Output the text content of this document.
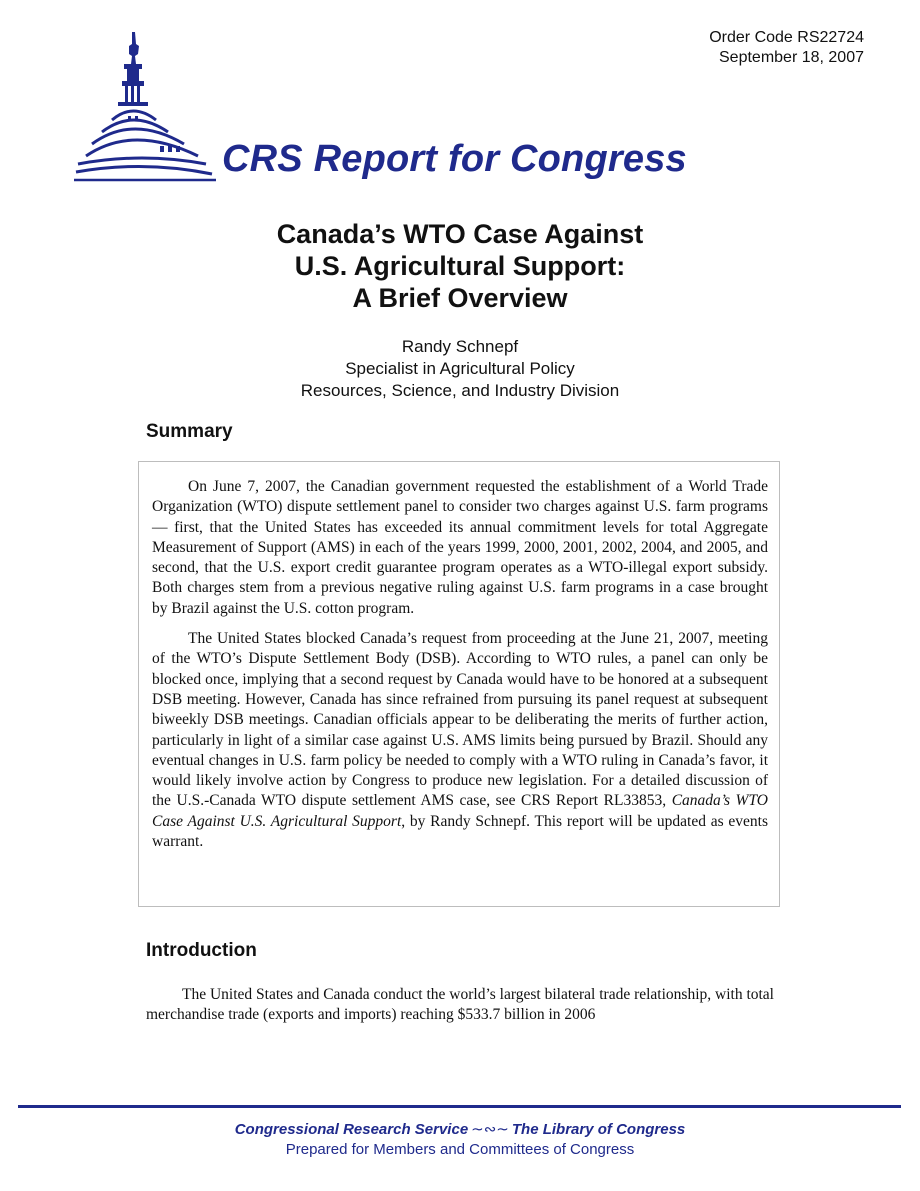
Order Code RS22724
September 18, 2007
CRS Report for Congress
Canada’s WTO Case Against
U.S. Agricultural Support:
A Brief Overview
Randy Schnepf
Specialist in Agricultural Policy
Resources, Science, and Industry Division
Summary

On June 7, 2007, the Canadian government requested the establishment of a World Trade Organization (WTO) dispute settlement panel to consider two charges against U.S. farm programs — first, that the United States has exceeded its annual commitment levels for total Aggregate Measurement of Support (AMS) in each of the years 1999, 2000, 2001, 2002, 2004, and 2005, and second, that the U.S. export credit guarantee program operates as a WTO-illegal export subsidy. Both charges stem from a previous negative ruling against U.S. farm programs in a case brought by Brazil against the U.S. cotton program.

The United States blocked Canada’s request from proceeding at the June 21, 2007, meeting of the WTO’s Dispute Settlement Body (DSB). According to WTO rules, a panel can only be blocked once, implying that a second request by Canada would have to be honored at a subsequent DSB meeting. However, Canada has since refrained from pursuing its panel request at subsequent biweekly DSB meetings. Canadian officials appear to be deliberating the merits of further action, particularly in light of a similar case against U.S. AMS limits being pursued by Brazil. Should any eventual changes in U.S. farm policy be needed to comply with a WTO ruling in Canada’s favor, it would likely involve action by Congress to produce new legislation. For a detailed discussion of the U.S.-Canada WTO dispute settlement AMS case, see CRS Report RL33853, Canada’s WTO Case Against U.S. Agricultural Support, by Randy Schnepf. This report will be updated as events warrant.

Introduction

The United States and Canada conduct the world’s largest bilateral trade relationship, with total merchandise trade (exports and imports) reaching $533.7 billion in 2006

Congressional Research Service ∼∾∼ The Library of Congress
Prepared for Members and Committees of Congress
